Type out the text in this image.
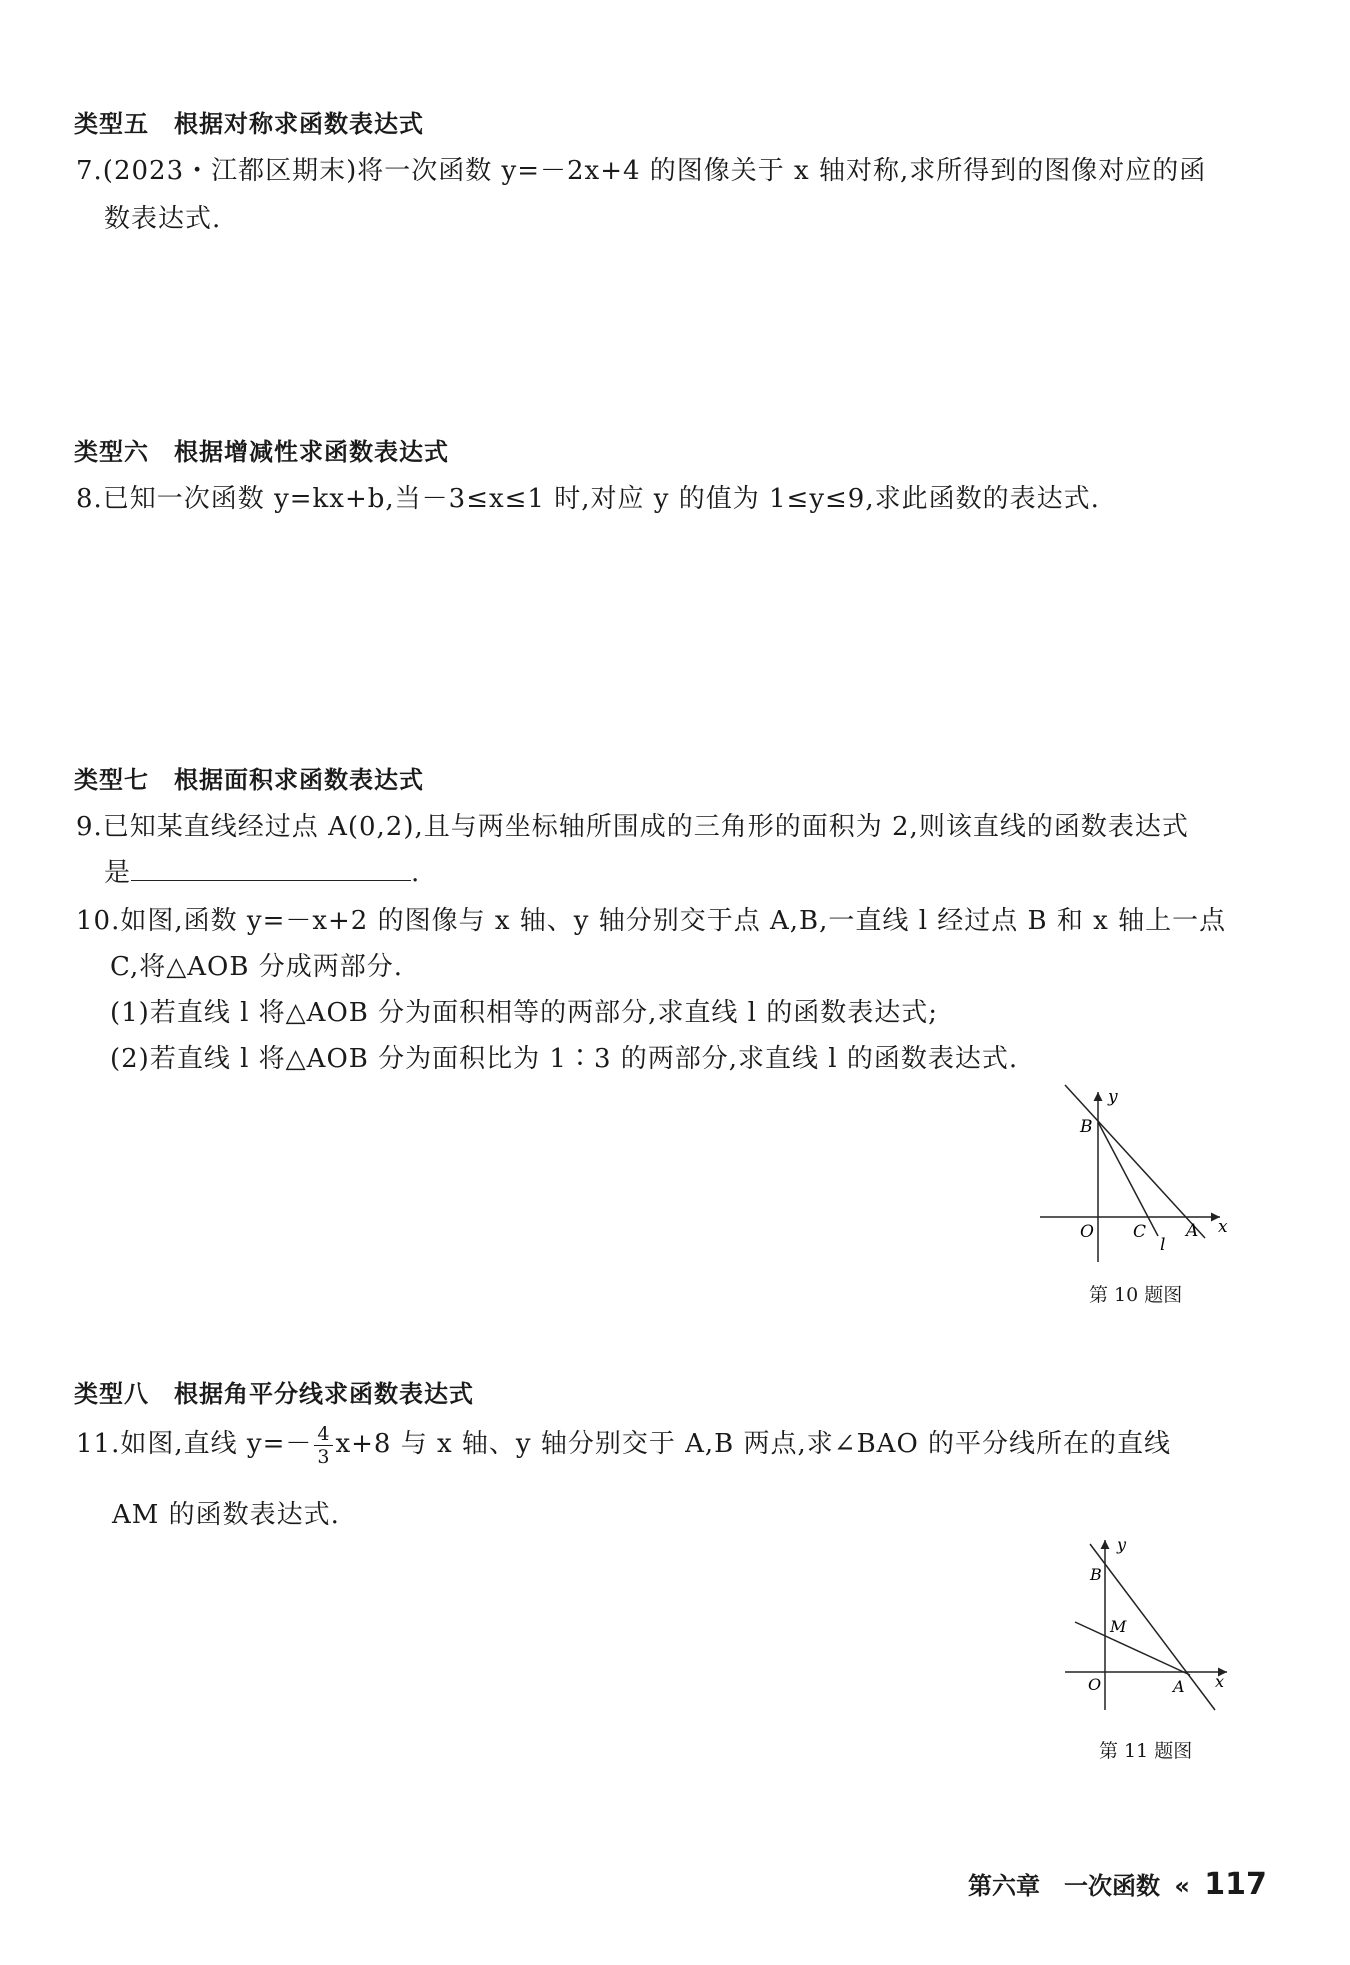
类型五　根据对称求函数表达式
7.(2023・江都区期末)将一次函数 y=－2x+4 的图像关于 x 轴对称,求所得到的图像对应的函
数表达式.
类型六　根据增减性求函数表达式
8.已知一次函数 y=kx+b,当－3≤x≤1 时,对应 y 的值为 1≤y≤9,求此函数的表达式.
类型七　根据面积求函数表达式
9.已知某直线经过点 A(0,2),且与两坐标轴所围成的三角形的面积为 2,则该直线的函数表达式
是	.
10.如图,函数 y=－x+2 的图像与 x 轴、y 轴分别交于点 A,B,一直线 l 经过点 B 和 x 轴上一点
C,将△AOB 分成两部分.
(1)若直线 l 将△AOB 分为面积相等的两部分,求直线 l 的函数表达式;
(2)若直线 l 将△AOB 分为面积比为 1∶3 的两部分,求直线 l 的函数表达式.
y
x
B
O C A
l
第 10 题图
类型八　根据角平分线求函数表达式
11.如图,直线 $y=- \frac{4}{3} x+8$ 与 x 轴、y 轴分别交于 A,B 两点,求∠BAO 的平分线所在的直线
AM 的函数表达式.
y
x
B
M
O	A
第 11 题图
第六章　一次函数 « 117
